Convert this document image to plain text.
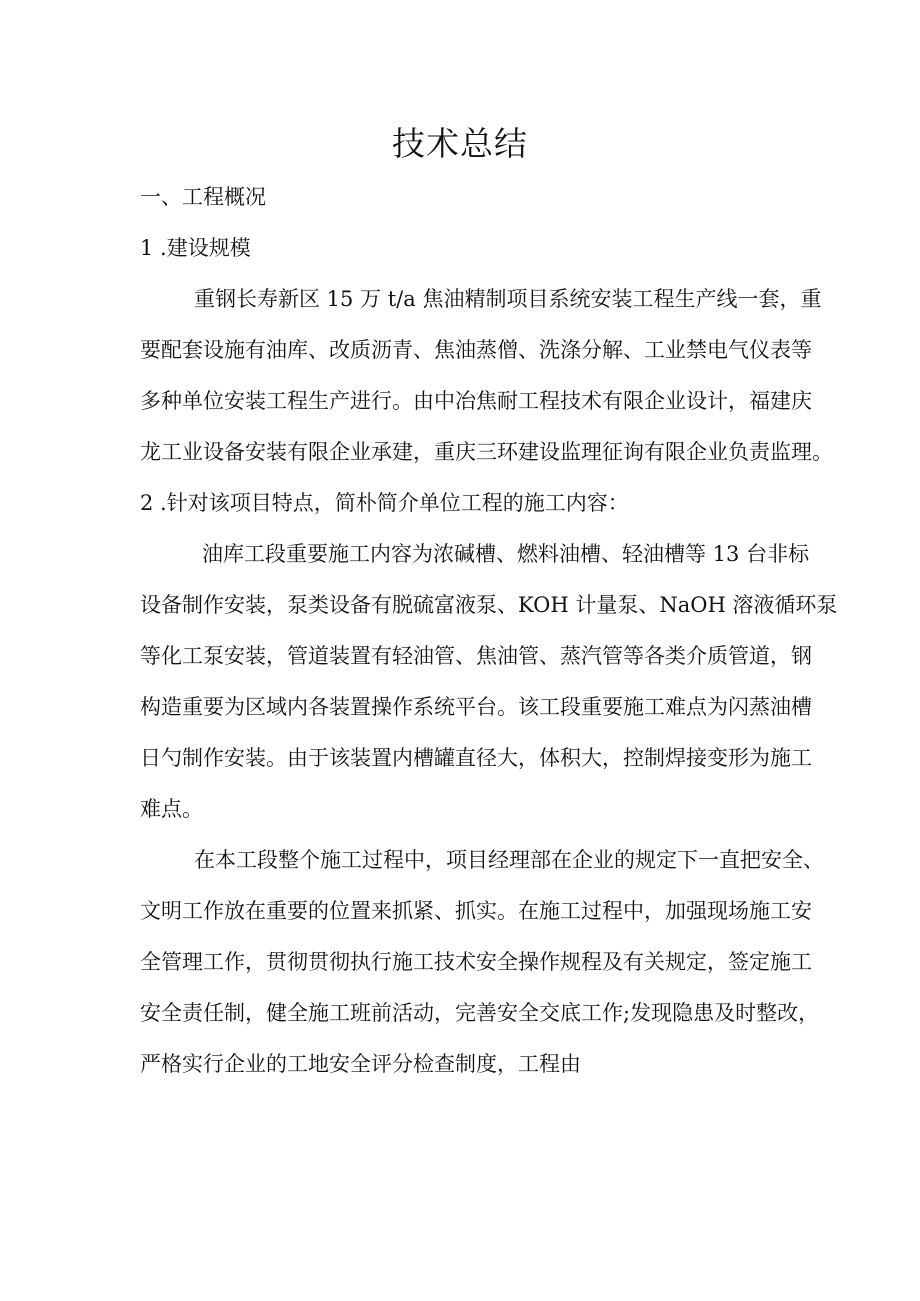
技术总结
一、工程概况
1 .建设规模
重钢长寿新区 15 万 t/a 焦油精制项目系统安装工程生产线一套，重
要配套设施有油库、改质沥青、焦油蒸僧、洗涤分解、工业禁电气仪表等
多种单位安装工程生产进行。由中冶焦耐工程技术有限企业设计，福建庆
龙工业设备安装有限企业承建，重庆三环建设监理征询有限企业负责监理。
2 .针对该项目特点，简朴简介单位工程的施工内容：
油库工段重要施工内容为浓碱槽、燃料油槽、轻油槽等 13 台非标
设备制作安装，泵类设备有脱硫富液泵、KOH 计量泵、NaOH 溶液循环泵
等化工泵安装，管道装置有轻油管、焦油管、蒸汽管等各类介质管道，钢
构造重要为区域内各装置操作系统平台。该工段重要施工难点为闪蒸油槽
日勺制作安装。由于该装置内槽罐直径大，体积大，控制焊接变形为施工
难点。
在本工段整个施工过程中，项目经理部在企业的规定下一直把安全、
文明工作放在重要的位置来抓紧、抓实。在施工过程中，加强现场施工安
全管理工作，贯彻贯彻执行施工技术安全操作规程及有关规定，签定施工
安全责任制，健全施工班前活动，完善安全交底工作;发现隐患及时整改，
严格实行企业的工地安全评分检查制度，工程由
